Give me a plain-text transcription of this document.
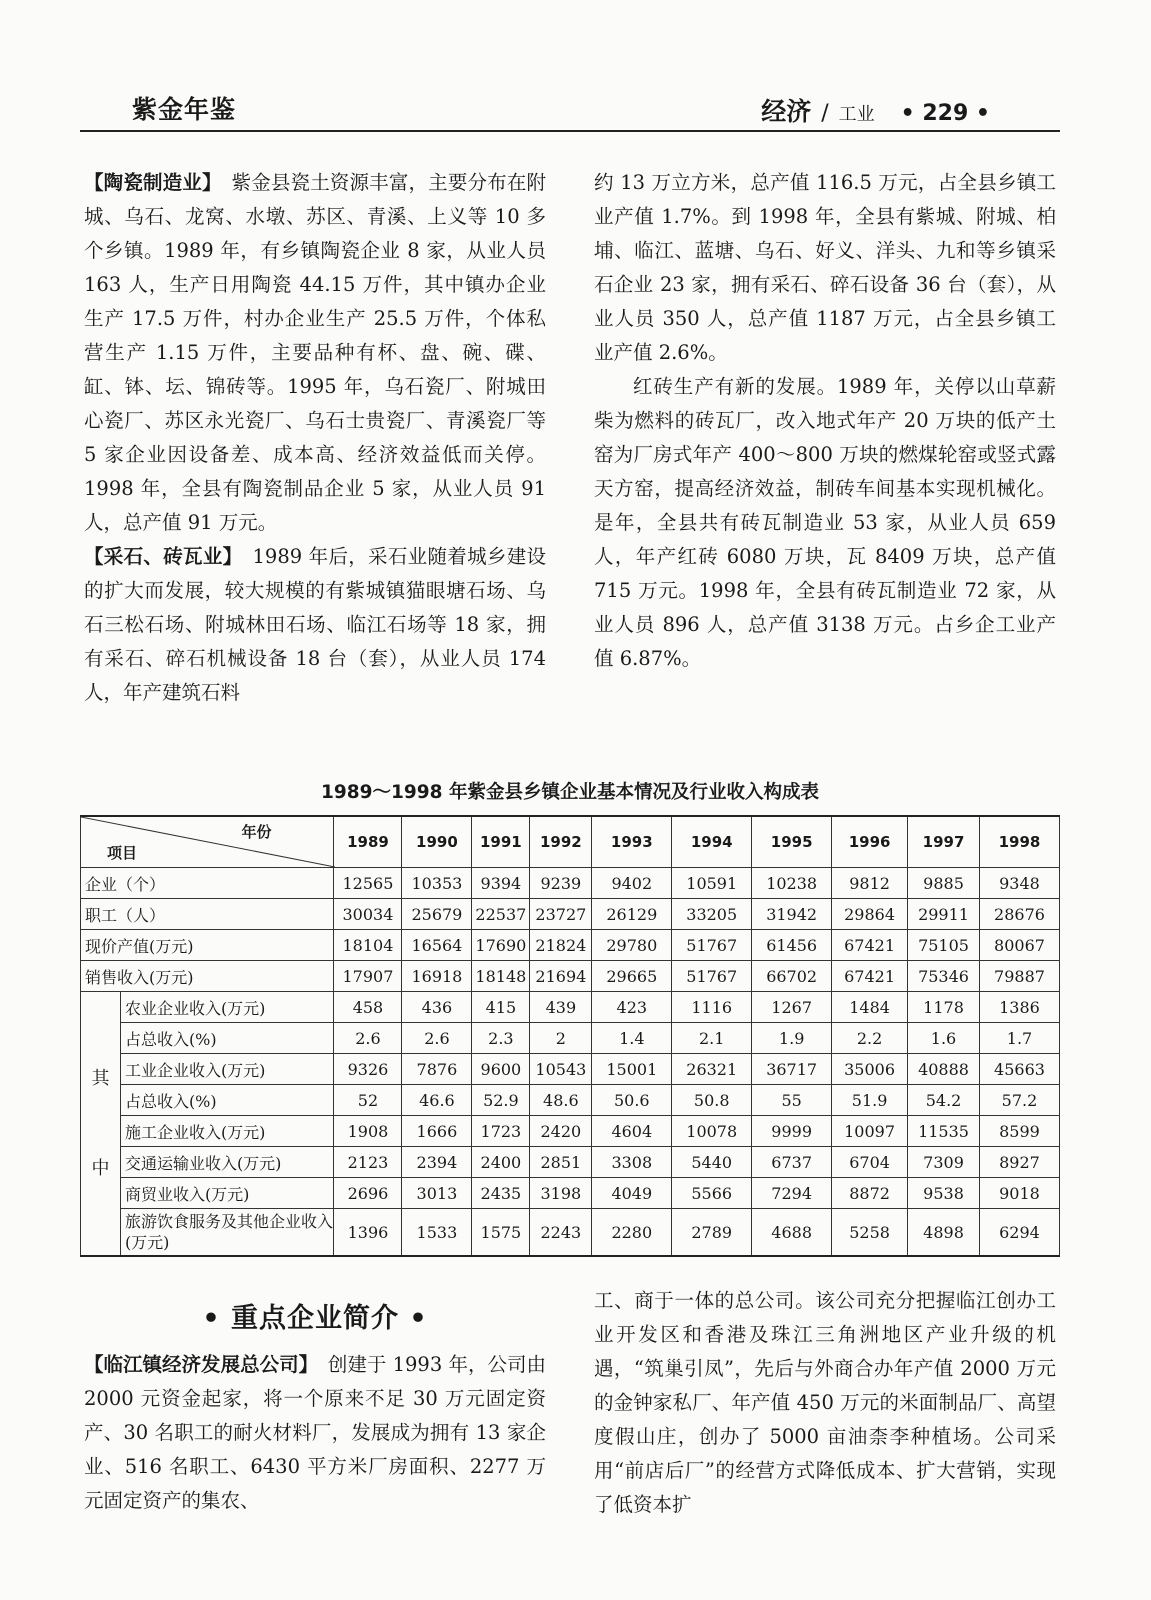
紫金年鉴	经济 / 工业 • 229 •

【陶瓷制造业】　紫金县瓷土资源丰富，主要分布在附城、乌石、龙窝、水墩、苏区、青溪、上义等 10 多个乡镇。1989 年，有乡镇陶瓷企业 8 家，从业人员 163 人，生产日用陶瓷 44.15 万件，其中镇办企业生产 17.5 万件，村办企业生产 25.5 万件，个体私营生产 1.15 万件，主要品种有杯、盘、碗、碟、缸、钵、坛、锦砖等。1995 年，乌石瓷厂、附城田心瓷厂、苏区永光瓷厂、乌石士贵瓷厂、青溪瓷厂等 5 家企业因设备差、成本高、经济效益低而关停。1998 年，全县有陶瓷制品企业 5 家，从业人员 91 人，总产值 91 万元。

【采石、砖瓦业】　1989 年后，采石业随着城乡建设的扩大而发展，较大规模的有紫城镇猫眼塘石场、乌石三松石场、附城林田石场、临江石场等 18 家，拥有采石、碎石机械设备 18 台（套），从业人员 174 人，年产建筑石料

约 13 万立方米，总产值 116.5 万元，占全县乡镇工业产值 1.7%。到 1998 年，全县有紫城、附城、柏埔、临江、蓝塘、乌石、好义、洋头、九和等乡镇采石企业 23 家，拥有采石、碎石设备 36 台（套），从业人员 350 人，总产值 1187 万元，占全县乡镇工业产值 2.6%。

红砖生产有新的发展。1989 年，关停以山草薪柴为燃料的砖瓦厂，改入地式年产 20 万块的低产土窑为厂房式年产 400～800 万块的燃煤轮窑或竖式露天方窑，提高经济效益，制砖车间基本实现机械化。是年，全县共有砖瓦制造业 53 家，从业人员 659 人，年产红砖 6080 万块，瓦 8409 万块，总产值 715 万元。1998 年，全县有砖瓦制造业 72 家，从业人员 896 人，总产值 3138 万元。占乡企工业产值 6.87%。

1989～1998 年紫金县乡镇企业基本情况及行业收入构成表
年份
项目		1989	1990	1991	1992	1993	1994	1995	1996	1997	1998
企业（个）		12565	10353	9394	9239	9402	10591	10238	9812	9885	9348
职工（人）		30034	25679	22537	23727	26129	33205	31942	29864	29911	28676
现价产值(万元)		18104	16564	17690	21824	29780	51767	61456	67421	75105	80067
销售收入(万元)		17907	16918	18148	21694	29665	51767	66702	67421	75346	79887

其
中	农业企业收入(万元)	458	436	415	439	423	1116	1267	1484	1178	1386
	占总收入(%)	2.6	2.6	2.3	2	1.4	2.1	1.9	2.2	1.6	1.7
	工业企业收入(万元)	9326	7876	9600	10543	15001	26321	36717	35006	40888	45663
	占总收入(%)	52	46.6	52.9	48.6	50.6	50.8	55	51.9	54.2	57.2
	施工企业收入(万元)	1908	1666	1723	2420	4604	10078	9999	10097	11535	8599
	交通运输业收入(万元)	2123	2394	2400	2851	3308	5440	6737	6704	7309	8927
	商贸业收入(万元)	2696	3013	2435	3198	4049	5566	7294	8872	9538	9018
	旅游饮食服务及其他企业收入(万元)	1396	1533	1575	2243	2280	2789	4688	5258	4898	6294
• 重点企业简介 •

【临江镇经济发展总公司】　创建于 1993 年，公司由 2000 元资金起家，将一个原来不足 30 万元固定资产、30 名职工的耐火材料厂，发展成为拥有 13 家企业、516 名职工、6430 平方米厂房面积、2277 万元固定资产的集农、

工、商于一体的总公司。该公司充分把握临江创办工业开发区和香港及珠江三角洲地区产业升级的机遇，“筑巢引凤”，先后与外商合办年产值 2000 万元的金钟家私厂、年产值 450 万元的米面制品厂、高望度假山庄，创办了 5000 亩油柰李种植场。公司采用“前店后厂”的经营方式降低成本、扩大营销，实现了低资本扩
